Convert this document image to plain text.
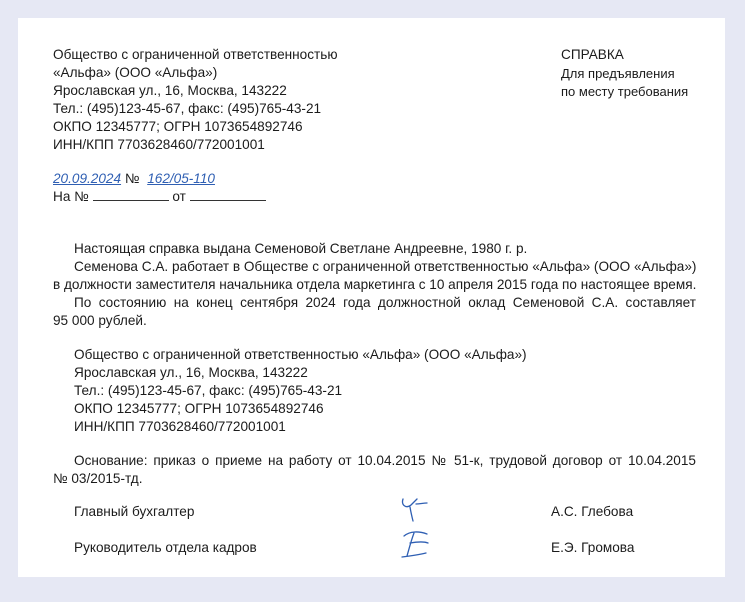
Общество с ограниченной ответственностью
«Альфа» (ООО «Альфа»)
Ярославская ул., 16, Москва, 143222
Тел.: (495)123-45-67, факс: (495)765-43-21
ОКПО 12345777; ОГРН 1073654892746
ИНН/КПП 7703628460/772001001
СПРАВКА
Для предъявления
по месту требования
20.09.2024 № 162/05-110
На №	от
Настоящая справка выдана Семеновой Светлане Андреевне, 1980 г. р.
Семенова С.А. работает в Обществе с ограниченной ответственностью «Альфа» (ООО «Альфа»)
в должности заместителя начальника отдела маркетинга с 10 апреля 2015 года по настоящее время.
По состоянию на конец сентября 2024 года должностной оклад Семеновой С.А. составляет
95 000 рублей.
Общество с ограниченной ответственностью «Альфа» (ООО «Альфа»)
Ярославская ул., 16, Москва, 143222
Тел.: (495)123-45-67, факс: (495)765-43-21
ОКПО 12345777; ОГРН 1073654892746
ИНН/КПП 7703628460/772001001
Основание: приказ о приеме на работу от 10.04.2015 № 51-к, трудовой договор от 10.04.2015
№ 03/2015-тд.
Главный бухгалтер	А.С. Глебова
Руководитель отдела кадров	Е.Э. Громова
